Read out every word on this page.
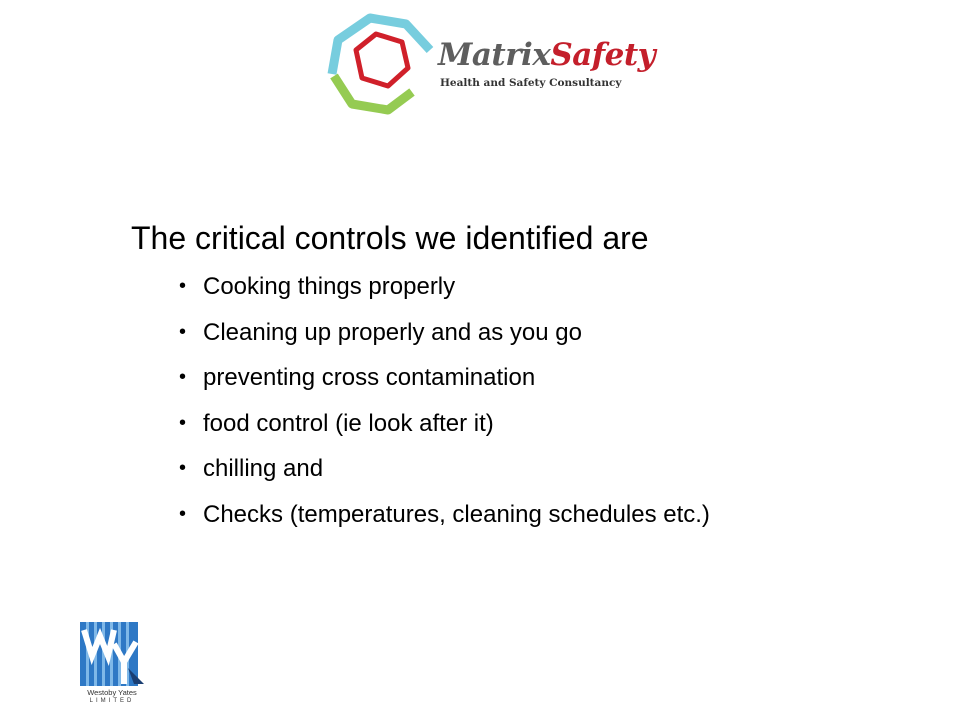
MatrixSafety
Health and Safety Consultancy
The critical controls we identified are
• Cooking things properly
• Cleaning up properly and as you go
• preventing cross contamination
• food control (ie look after it)
• chilling and
• Checks (temperatures, cleaning schedules etc.)
Westoby Yates
LIMITED
